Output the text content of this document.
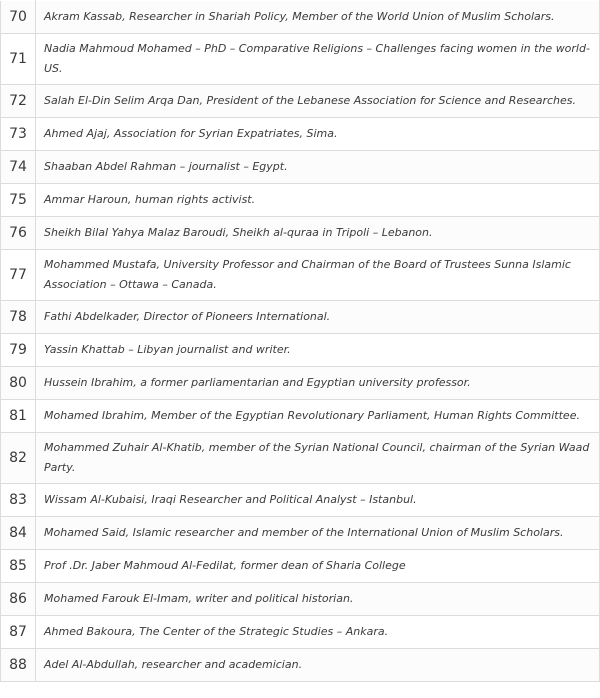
70	Akram Kassab, Researcher in Shariah Policy, Member of the World Union of Muslim Scholars.
71	Nadia Mahmoud Mohamed – PhD – Comparative Religions – Challenges facing women in the world-US.
72	Salah El-Din Selim Arqa Dan, President of the Lebanese Association for Science and Researches.
73	Ahmed Ajaj, Association for Syrian Expatriates, Sima.
74	Shaaban Abdel Rahman – journalist – Egypt.
75	Ammar Haroun, human rights activist.
76	Sheikh Bilal Yahya Malaz Baroudi, Sheikh al-quraa in Tripoli – Lebanon.
77	Mohammed Mustafa, University Professor and Chairman of the Board of Trustees Sunna Islamic Association – Ottawa – Canada.
78	Fathi Abdelkader, Director of Pioneers International.
79	Yassin Khattab – Libyan journalist and writer.
80	Hussein Ibrahim, a former parliamentarian and Egyptian university professor.
81	Mohamed Ibrahim, Member of the Egyptian Revolutionary Parliament, Human Rights Committee.
82	Mohammed Zuhair Al-Khatib, member of the Syrian National Council, chairman of the Syrian Waad Party.
83	Wissam Al-Kubaisi, Iraqi Researcher and Political Analyst – Istanbul.
84	Mohamed Said, Islamic researcher and member of the International Union of Muslim Scholars.
85	Prof .Dr. Jaber Mahmoud Al-Fedilat, former dean of Sharia College
86	Mohamed Farouk El-Imam, writer and political historian.
87	Ahmed Bakoura, The Center of the Strategic Studies – Ankara.
88	Adel Al-Abdullah, researcher and academician.
